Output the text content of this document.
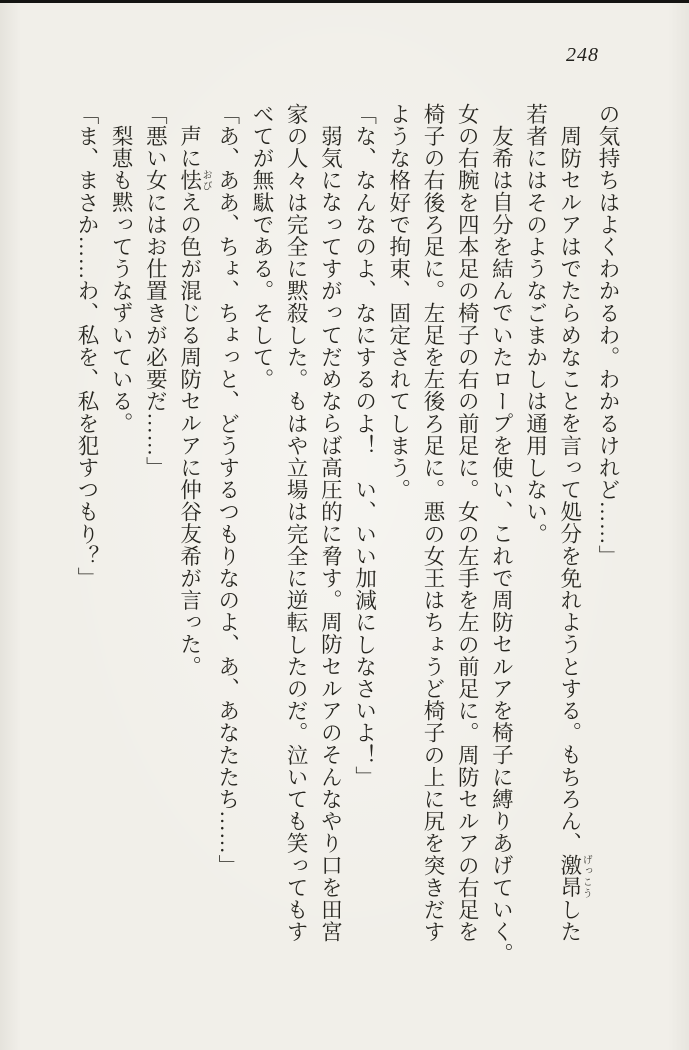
248
の気持ちはよくわかるわ。わかるけれど……」
周防セルアはでたらめなことを言って処分を免れようとする。もちろん、激昂げっこうした
若者にはそのようなごまかしは通用しない。
友希は自分を結んでいたロープを使い、これで周防セルアを椅子に縛りあげていく。
女の右腕を四本足の椅子の右の前足に。女の左手を左の前足に。周防セルアの右足を
椅子の右後ろ足に。左足を左後ろ足に。悪の女王はちょうど椅子の上に尻を突きだす
ような格好で拘束、固定されてしまう。
「な、なんなのよ、なにするのよ！　い、いい加減にしなさいよ！」
弱気になってすがってだめならば高圧的に脅す。周防セルアのそんなやり口を田宮
家の人々は完全に黙殺した。もはや立場は完全に逆転したのだ。泣いても笑ってもす
べてが無駄である。そして。
「あ、ああ、ちょ、ちょっと、どうするつもりなのよ、あ、あなたたち……」
声に怯おびえの色が混じる周防セルアに仲谷友希が言った。
「悪い女にはお仕置きが必要だ……」
梨恵も黙ってうなずいている。
「ま、まさか……わ、私を、私を犯すつもり？」
